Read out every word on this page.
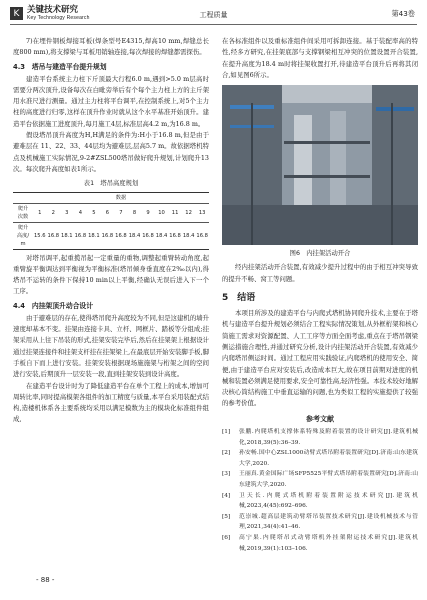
K 关键技术研究
Key Technology Research	工程质量	第43卷

7)在埋件钢板焊接耳板(焊条型号E4315,焊高10 mm,焊缝总长度800 mm),将支撑梁与耳板用销轴连接,每次焊接的焊缝都需探伤。

4.3　塔吊与建造平台提升规划

建造平台系统主力柱下斤顶最大行程6.0 m,遇到>5.0 m层高时需要分两次顶升,设备每次在白毗旁举后有个每个主力柱上方的主斤架用水准尺进行测量。通过主力柱将平台调平,在控制系统上,对5个主力柱的高度进行归零,这样在顶升作业时就从这个水平基准开始顶升。建造平台依据施工进度顶升,每月施工4层,标准层高4.2 m,为16.8 m。

假设塔吊顶升高度为H,H满足的条件为:H小于16.8 m,但是由于避难层在 11、22、33、44层均为避难层,层高5.7 m。故依据塔机特点及机械施工实际情况,9-2#ZSL500塔吊做好爬升规划,计划爬升13次。每次爬升高度如表1所示。

表1　塔吊高度规划
	数据												
爬升
次数	1	2	3	4	5	6	7	8	9	10	11	12	13
爬升
高度/
m	15.6	16.8	18.1	16.8	18.1	16.8	16.8	18.4	16.8	18.4	16.8	18.4	16.8

对塔吊调平,起重揽吊起一定重量的重物,调整起重臂转动角度,起重臂旋平衡调达到平衡视为平衡标准(塔吊倾身垂直度在2‰以内),得塔吊不运转的条件下保持10 min以上平衡,经确认无误后进入下一个工序。

4.4　内挂架顶升动合设计

由于避难层的存在,使得塔吊爬升高度较为不同,但是这建机的墙升速度却基本不变。挂架由连接卡具、立杆、网框片、踏板等分组成;挂架采用从上往下吊装的形式,挂架安装完毕后,然后在挂架架上根据设计通过挂架连接件和挂架支杆挂在挂架梁上,在最底层开始安装脚手板,脚手板自下而上进行安装。挂架安装根据现场施施架与桁架之间的空间进行安装,后期顶升一层安装一段,直到挂架安装到设计高度。

在建造平台设计时为了降低建造平台在单个工程上的成本,增加可周转比率,同时提高模架各组件的加工精度与质量,本平台采用装配式结构,造楼机体系各主要系统均采用以满足模数为主的模块化标准组件组成,

在各标准组件以及重标准组件间采用可拆卸连接。基于装配率高的特性,经多方研究,在挂架底部与支撑钢梁相互冲突的位置设置开合装置,在提升高度为18.4 m时将挂架收置打开,待建造平台顶升后再将其闭合,如见图6所示。

图6　内挂架活动开合

经内挂架活动开合装置,有效减少提升过程中的由于相互冲突导致的提升不畅、窝工等问题。

5　结语

本项目所涉及的建造平台与内爬式塔机协同爬升技术,主要在于塔机与建造平台提升规划必须结合工程实际情况策划,从外框桁架和核心筒施工需求对资源配置、人工工序等方面全面考虑,重点在于塔吊钢梁侧运措施合理性,并通过研究分析,设计内挂架活动开合装置,有效减少内爬塔吊侧运时间。通过工程应用实践验证,内爬塔机的使用安全、简便,由于建造平台应对安装后,改造成本巨大,故在项目前期对进度的机械和装置必须满足使用要求,安全可靠性高,轻济性强。本技术较好地解决核心筒结构施工中垂直运输的问题,也为类似工程的实施提供了较强的参考价值。

参考文献
[1]	张鹏.内爬塔机支撑体系特殊及附着装置的设计研究[J].建筑机械化,2018,39(5):36–39.
[2]	孙安畅.国中心ZSL1000动臂式塔吊附着装置研究[D].济南:山东建筑大学,2020.
[3]	王丽真.黄金国际广场SFP5525平臂式塔吊附着装置研究[D].济南:山东建筑大学,2020.
[4]	卫天长.内爬式塔机附着装置附运技术研究[J].建筑机械,2023,4(45):692–696.
[5]	范崇城.超高层建筑动臂塔吊装置技术研究[J].建设机械技术与管理,2021,34(4):41–46.
[6]	高宁果.内爬塔吊式动臂塔机外挂架附运技术研究[J].建筑机械,2019,39(1):103–106.
- 88 -
